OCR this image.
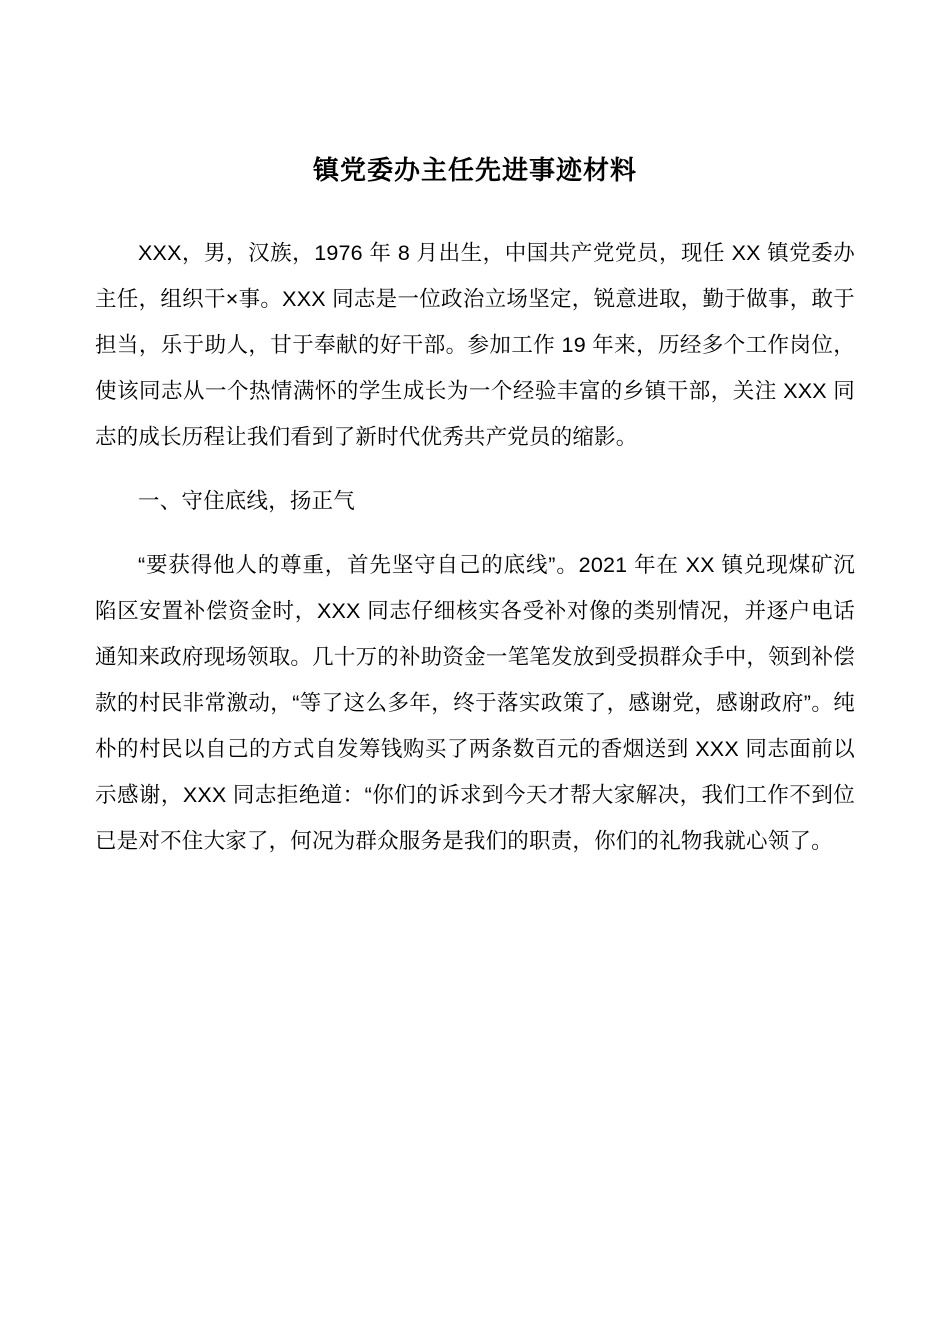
镇党委办主任先进事迹材料

XXX，男，汉族，1976 年 8 月出生，中国共产党党员，现任 XX 镇党委办主任，组织干×事。XXX 同志是一位政治立场坚定，锐意进取，勤于做事，敢于担当，乐于助人，甘于奉献的好干部。参加工作 19 年来，历经多个工作岗位，使该同志从一个热情满怀的学生成长为一个经验丰富的乡镇干部，关注 XXX 同志的成长历程让我们看到了新时代优秀共产党员的缩影。

一、守住底线，扬正气

“要获得他人的尊重，首先坚守自己的底线”。2021 年在 XX 镇兑现煤矿沉陷区安置补偿资金时，XXX 同志仔细核实各受补对像的类别情况，并逐户电话通知来政府现场领取。几十万的补助资金一笔笔发放到受损群众手中，领到补偿款的村民非常激动，“等了这么多年，终于落实政策了，感谢党，感谢政府”。纯朴的村民以自己的方式自发筹钱购买了两条数百元的香烟送到 XXX 同志面前以示感谢，XXX 同志拒绝道：“你们的诉求到今天才帮大家解决，我们工作不到位已是对不住大家了，何况为群众服务是我们的职责，你们的礼物我就心领了。
